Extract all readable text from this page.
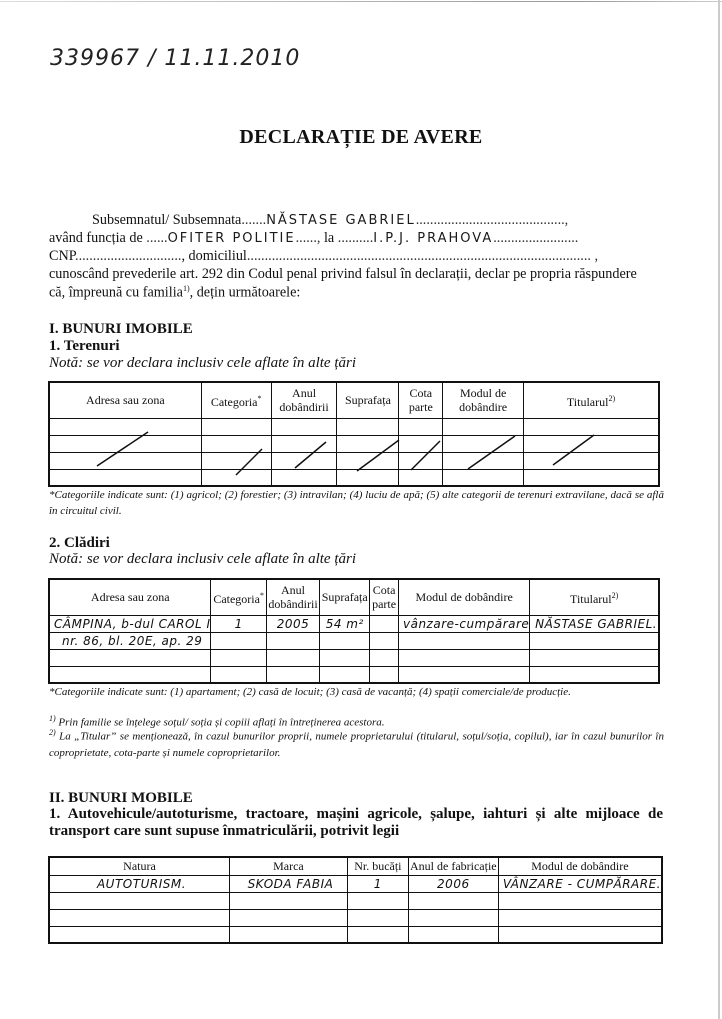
339967 / 11.11.2010
DECLARAȚIE DE AVERE
Subsemnatul/ Subsemnata.......NĂSTASE GABRIEL..........................................,
având funcția de ......OFITER POLITIE......, la ..........I.P.J. PRAHOVA........................
CNP.............................., domiciliul................................................................................................. ,
cunoscând prevederile art. 292 din Codul penal privind falsul în declarații, declar pe propria răspundere
că, împreună cu familia$^{1)}$, dețin următoarele:
I. BUNURI IMOBILE
1. Terenuri
Notă: se vor declara inclusiv cele aflate în alte țări
Adresa sau zona	Categoria*	Anul dobândirii	Suprafața	Cota parte	Modul de dobândire	Titularul$^{2)}$

*Categoriile indicate sunt: (1) agricol; (2) forestier; (3) intravilan; (4) luciu de apă; (5) alte categorii de terenuri extravilane, dacă se află în circuitul civil.
2. Clădiri
Notă: se vor declara inclusiv cele aflate în alte țări
Adresa sau zona	Categoria*	Anul dobândirii	Suprafața	Cota parte	Modul de dobândire	Titularul$^{2)}$
CÂMPINA, b-dul CAROL I	1	2005	54 m²		vânzare-cumpărare	NĂSTASE GABRIEL.
nr. 86, bl. 20E, ap. 29						

*Categoriile indicate sunt: (1) apartament; (2) casă de locuit; (3) casă de vacanță; (4) spații comerciale/de producție.
$^{1)}$ Prin familie se înțelege soțul/ soția și copiii aflați în întreținerea acestora.
$^{2)}$ La „Titular” se menționează, în cazul bunurilor proprii, numele proprietarului (titularul, soțul/soția, copilul), iar în cazul bunurilor în coproprietate, cota-parte și numele coproprietarilor.
II. BUNURI MOBILE
1. Autovehicule/autoturisme, tractoare, mașini agricole, șalupe, iahturi și alte mijloace de transport care sunt supuse înmatriculării, potrivit legii
Natura	Marca	Nr. bucăți	Anul de fabricație	Modul de dobândire
AUTOTURISM.	SKODA FABIA	1	2006	VÂNZARE - CUMPĂRARE.
